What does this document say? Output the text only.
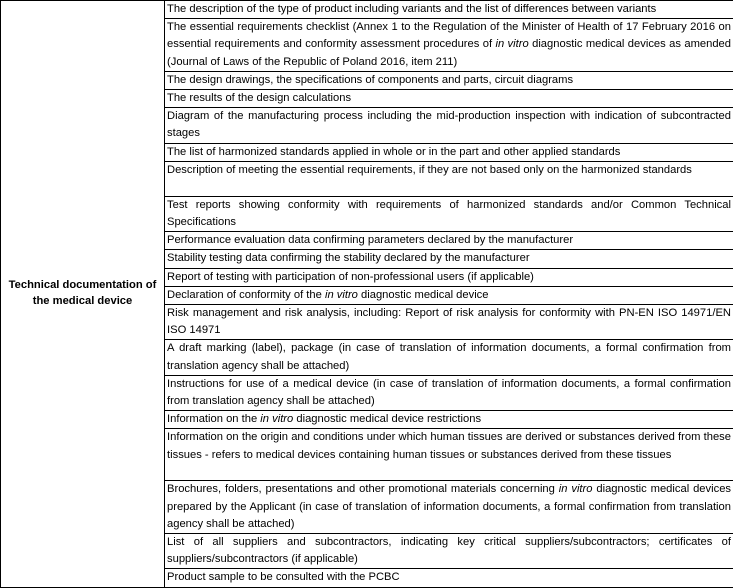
Technical documentation of
the medical device	The description of the type of product including variants and the list of differences between variants
The essential requirements checklist (Annex 1 to the Regulation of the Minister of Health of 17 February 2016 on essential requirements and conformity assessment procedures of in vitro diagnostic medical devices as amended (Journal of Laws of the Republic of Poland 2016, item 211)
The design drawings, the specifications of components and parts, circuit diagrams
The results of the design calculations
Diagram of the manufacturing process including the mid-production inspection with indication of subcontracted stages
The list of harmonized standards applied in whole or in the part and other applied standards
Description of meeting the essential requirements, if they are not based only on the harmonized standards
Test reports showing conformity with requirements of harmonized standards and/or Common Technical Specifications
Performance evaluation data confirming parameters declared by the manufacturer
Stability testing data confirming the stability declared by the manufacturer
Report of testing with participation of non-professional users (if applicable)
Declaration of conformity of the in vitro diagnostic medical device
Risk management and risk analysis, including: Report of risk analysis for conformity with PN-EN ISO 14971/EN ISO 14971
A draft marking (label), package (in case of translation of information documents, a formal confirmation from translation agency shall be attached)
Instructions for use of a medical device (in case of translation of information documents, a formal confirmation from translation agency shall be attached)
Information on the in vitro diagnostic medical device restrictions
Information on the origin and conditions under which human tissues are derived or substances derived from these tissues - refers to medical devices containing human tissues or substances derived from these tissues
Brochures, folders, presentations and other promotional materials concerning in vitro diagnostic medical devices prepared by the Applicant (in case of translation of information documents, a formal confirmation from translation agency shall be attached)
List of all suppliers and subcontractors, indicating key critical suppliers/subcontractors; certificates of suppliers/subcontractors (if applicable)
Product sample to be consulted with the PCBC
